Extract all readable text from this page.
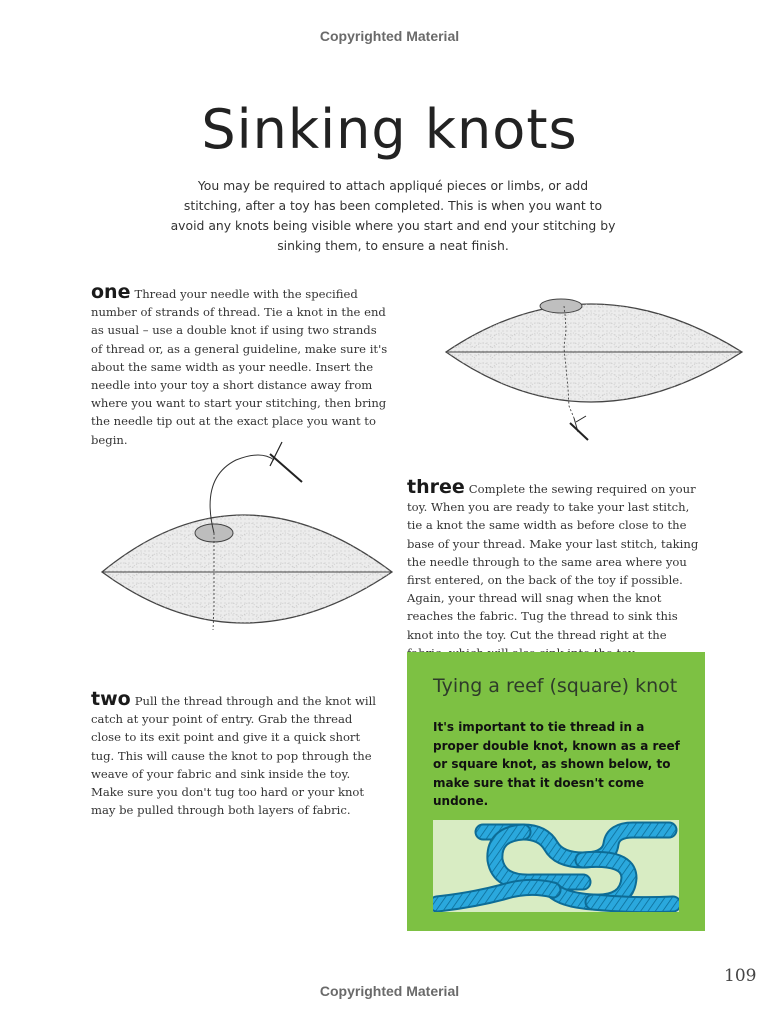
Copyrighted Material
Sinking knots
You may be required to attach appliqué pieces or limbs, or add stitching, after a toy has been completed. This is when you want to avoid any knots being visible where you start and end your stitching by sinking them, to ensure a neat finish.
one Thread your needle with the specified number of strands of thread. Tie a knot in the end as usual – use a double knot if using two strands of thread or, as a general guideline, make sure it's about the same width as your needle. Insert the needle into your toy a short distance away from where you want to start your stitching, then bring the needle tip out at the exact place you want to begin.
three Complete the sewing required on your toy. When you are ready to take your last stitch, tie a knot the same width as before close to the base of your thread. Make your last stitch, taking the needle through to the same area where you first entered, on the back of the toy if possible. Again, your thread will snag when the knot reaches the fabric. Tug the thread to sink this knot into the toy. Cut the thread right at the
two Pull the thread through and the knot will catch at your point of entry. Grab the thread close to its exit point and give it a quick short tug. This will cause the knot to pop through the weave of your fabric and sink inside the toy. Make sure you don't tug too hard or your knot may be pulled through both layers of fabric.
Tying a reef (square) knot
It's important to tie thread in a proper double knot, known as a reef or square knot, as shown below, to make sure that it doesn't come undone.
109
Copyrighted Material
